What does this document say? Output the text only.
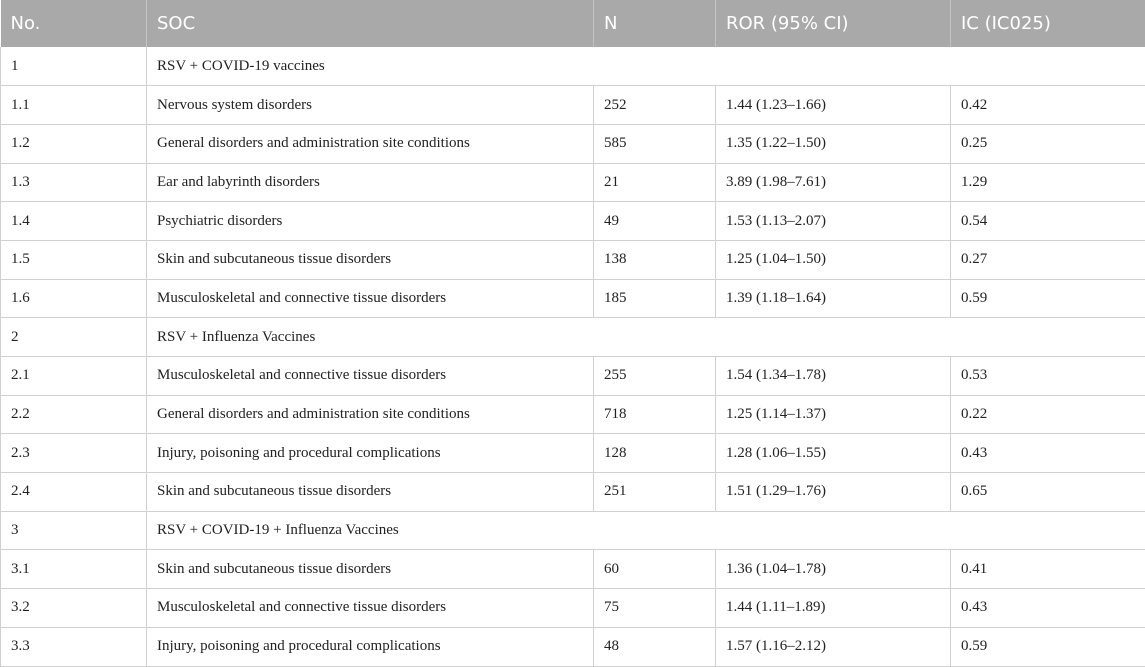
No.	SOC	N	ROR (95% CI)	IC (IC025)
1	RSV + COVID-19 vaccines			
1.1	Nervous system disorders	252	1.44 (1.23–1.66)	0.42
1.2	General disorders and administration site conditions	585	1.35 (1.22–1.50)	0.25
1.3	Ear and labyrinth disorders	21	3.89 (1.98–7.61)	1.29
1.4	Psychiatric disorders	49	1.53 (1.13–2.07)	0.54
1.5	Skin and subcutaneous tissue disorders	138	1.25 (1.04–1.50)	0.27
1.6	Musculoskeletal and connective tissue disorders	185	1.39 (1.18–1.64)	0.59
2	RSV + Influenza Vaccines			
2.1	Musculoskeletal and connective tissue disorders	255	1.54 (1.34–1.78)	0.53
2.2	General disorders and administration site conditions	718	1.25 (1.14–1.37)	0.22
2.3	Injury, poisoning and procedural complications	128	1.28 (1.06–1.55)	0.43
2.4	Skin and subcutaneous tissue disorders	251	1.51 (1.29–1.76)	0.65
3	RSV + COVID-19 + Influenza Vaccines			
3.1	Skin and subcutaneous tissue disorders	60	1.36 (1.04–1.78)	0.41
3.2	Musculoskeletal and connective tissue disorders	75	1.44 (1.11–1.89)	0.43
3.3	Injury, poisoning and procedural complications	48	1.57 (1.16–2.12)	0.59
